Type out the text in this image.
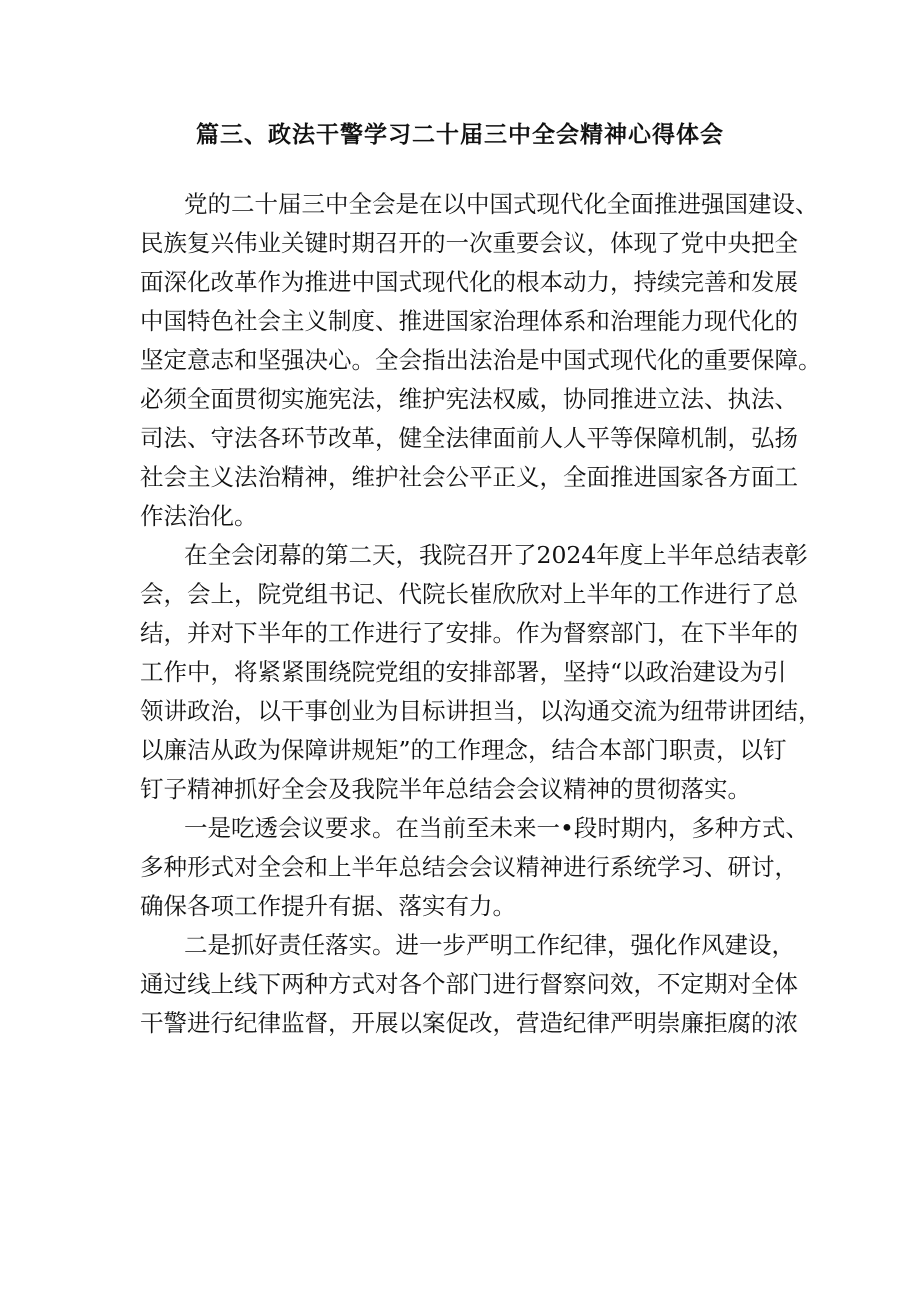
篇三、政法干警学习二十届三中全会精神心得体会
党的二十届三中全会是在以中国式现代化全面推进强国建设、
民族复兴伟业关键时期召开的一次重要会议，体现了党中央把全
面深化改革作为推进中国式现代化的根本动力，持续完善和发展
中国特色社会主义制度、推进国家治理体系和治理能力现代化的
坚定意志和坚强决心。全会指出法治是中国式现代化的重要保障。
必须全面贯彻实施宪法，维护宪法权威，协同推进立法、执法、
司法、守法各环节改革，健全法律面前人人平等保障机制，弘扬
社会主义法治精神，维护社会公平正义，全面推进国家各方面工
作法治化。
在全会闭幕的第二天，我院召开了2024年度上半年总结表彰
会，会上，院党组书记、代院长崔欣欣对上半年的工作进行了总
结，并对下半年的工作进行了安排。作为督察部门，在下半年的
工作中，将紧紧围绕院党组的安排部署，坚持“以政治建设为引
领讲政治，以干事创业为目标讲担当，以沟通交流为纽带讲团结，
以廉洁从政为保障讲规矩”的工作理念，结合本部门职责，以钉
钉子精神抓好全会及我院半年总结会会议精神的贯彻落实。
一是吃透会议要求。在当前至未来一•段时期内，多种方式、
多种形式对全会和上半年总结会会议精神进行系统学习、研讨，
确保各项工作提升有据、落实有力。
二是抓好责任落实。进一步严明工作纪律，强化作风建设，
通过线上线下两种方式对各个部门进行督察问效，不定期对全体
干警进行纪律监督，开展以案促改，营造纪律严明崇廉拒腐的浓
